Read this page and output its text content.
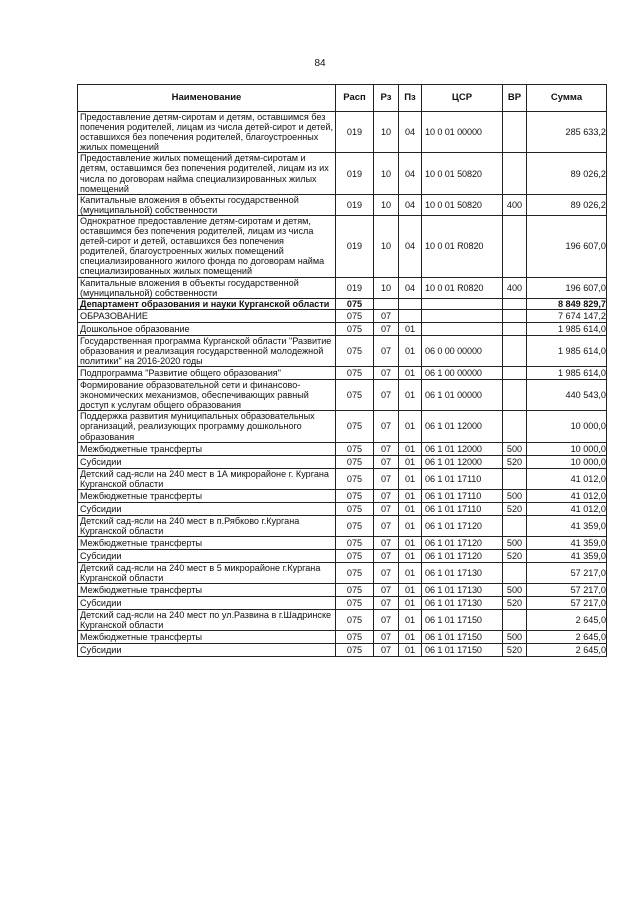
84
Наименование	Расп	Рз	Пз	ЦСР	ВР	Сумма
Предоставление детям-сиротам и детям, оставшимся без попечения родителей, лицам из числа детей-сирот и детей, оставшихся без попечения родителей, благоустроенных жилых помещений	019	10	04	10 0 01 00000		285 633,2
Предоставление жилых помещений детям-сиротам и детям, оставшимся без попечения родителей, лицам из их числа по договорам найма специализированных жилых помещений	019	10	04	10 0 01 50820		89 026,2
Капитальные вложения в объекты государственной (муниципальной) собственности	019	10	04	10 0 01 50820	400	89 026,2
Однократное предоставление детям-сиротам и детям, оставшимся без попечения родителей, лицам из числа детей-сирот и детей, оставшихся без попечения родителей, благоустроенных жилых помещений специализированного жилого фонда по договорам найма специализированных жилых помещений	019	10	04	10 0 01 R0820		196 607,0
Капитальные вложения в объекты государственной (муниципальной) собственности	019	10	04	10 0 01 R0820	400	196 607,0
Департамент образования и науки Курганской области	075					8 849 829,7
ОБРАЗОВАНИЕ	075	07				7 674 147,2
Дошкольное образование	075	07	01			1 985 614,0
Государственная программа Курганской области "Развитие образования и реализация государственной молодежной политики" на 2016-2020 годы	075	07	01	06 0 00 00000		1 985 614,0
Подпрограмма "Развитие общего образования"	075	07	01	06 1 00 00000		1 985 614,0
Формирование образовательной сети и финансово-экономических механизмов, обеспечивающих равный доступ к услугам общего образования	075	07	01	06 1 01 00000		440 543,0
Поддержка развития муниципальных образовательных организаций, реализующих программу дошкольного образования	075	07	01	06 1 01 12000		10 000,0
Межбюджетные трансферты	075	07	01	06 1 01 12000	500	10 000,0
Субсидии	075	07	01	06 1 01 12000	520	10 000,0
Детский сад-ясли на 240 мест в 1А микрорайоне г. Кургана Курганской области	075	07	01	06 1 01 17110		41 012,0
Межбюджетные трансферты	075	07	01	06 1 01 17110	500	41 012,0
Субсидии	075	07	01	06 1 01 17110	520	41 012,0
Детский сад-ясли на 240 мест в п.Рябково г.Кургана Курганской области	075	07	01	06 1 01 17120		41 359,0
Межбюджетные трансферты	075	07	01	06 1 01 17120	500	41 359,0
Субсидии	075	07	01	06 1 01 17120	520	41 359,0
Детский сад-ясли на 240 мест в 5 микрорайоне г.Кургана Курганской области	075	07	01	06 1 01 17130		57 217,0
Межбюджетные трансферты	075	07	01	06 1 01 17130	500	57 217,0
Субсидии	075	07	01	06 1 01 17130	520	57 217,0
Детский сад-ясли на 240 мест по ул.Развина в г.Шадринске Курганской области	075	07	01	06 1 01 17150		2 645,0
Межбюджетные трансферты	075	07	01	06 1 01 17150	500	2 645,0
Субсидии	075	07	01	06 1 01 17150	520	2 645,0
